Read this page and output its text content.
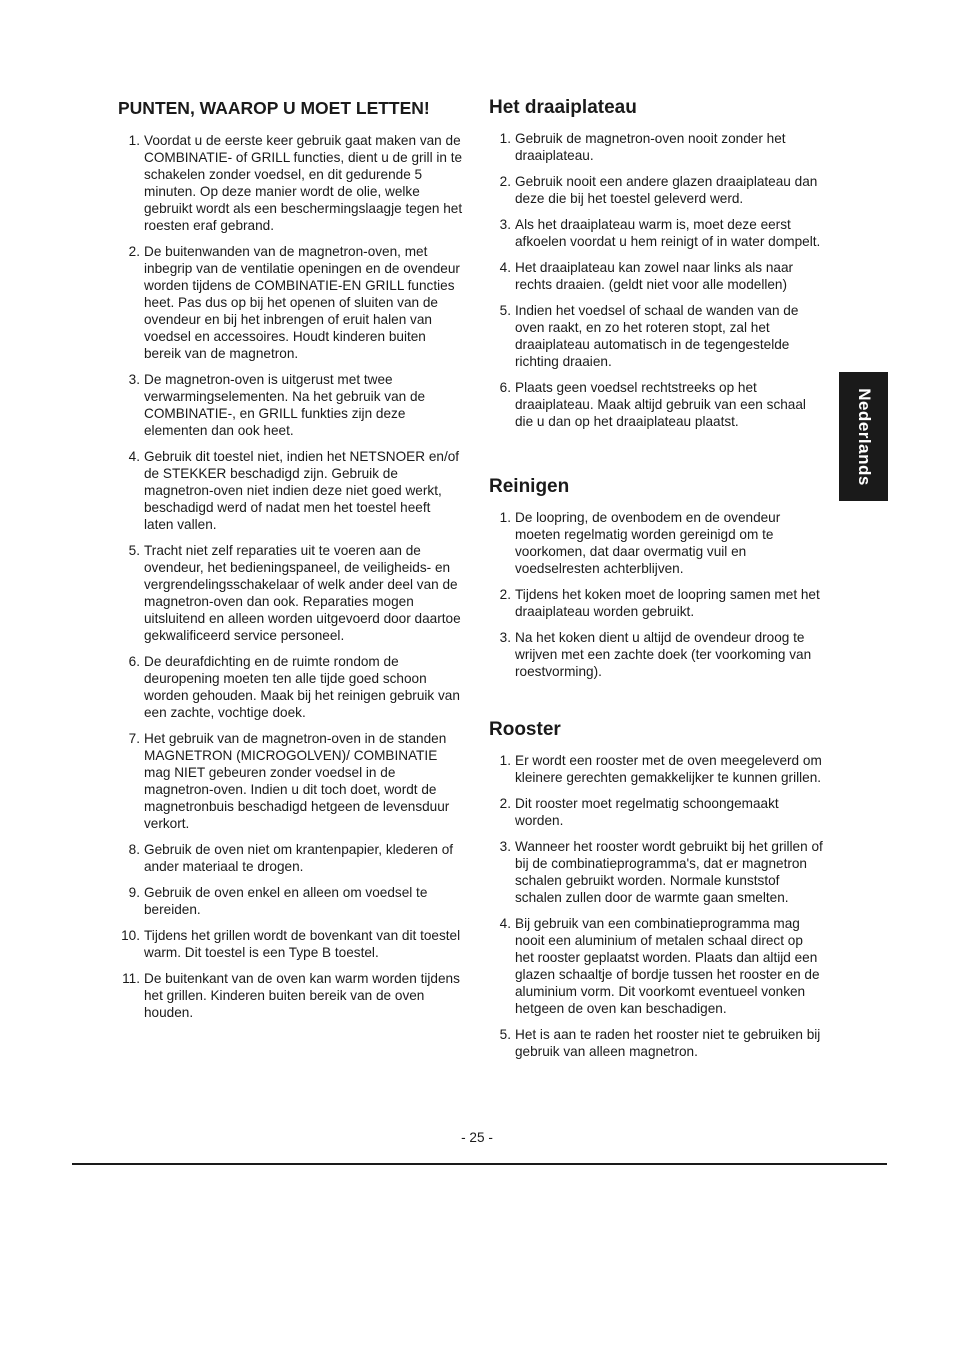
PUNTEN, WAAROP U MOET LETTEN!
1. Voordat u de eerste keer gebruik gaat maken van de COMBINATIE- of GRILL functies, dient u de grill in te schakelen zonder voedsel, en dit gedurende 5 minuten. Op deze manier wordt de olie, welke gebruikt wordt als een beschermingslaagje tegen het roesten eraf gebrand.
2. De buitenwanden van de magnetron-oven, met inbegrip van de ventilatie openingen en de ovendeur worden tijdens de COMBINATIE-EN GRILL functies heet. Pas dus op bij het openen of sluiten van de ovendeur en bij het inbrengen of eruit halen van voedsel en accessoires. Houdt kinderen buiten bereik van de magnetron.
3. De magnetron-oven is uitgerust met twee verwarmingselementen. Na het gebruik van de COMBINATIE-, en GRILL funkties zijn deze elementen dan ook heet.
4. Gebruik dit toestel niet, indien het NETSNOER en/of de STEKKER beschadigd zijn. Gebruik de magnetron-oven niet indien deze niet goed werkt, beschadigd werd of nadat men het toestel heeft laten vallen.
5. Tracht niet zelf reparaties uit te voeren aan de ovendeur, het bedieningspaneel, de veiligheids- en vergrendelingsschakelaar of welk ander deel van de magnetron-oven dan ook. Reparaties mogen uitsluitend en alleen worden uitgevoerd door daartoe gekwalificeerd service personeel.
6. De deurafdichting en de ruimte rondom de deuropening moeten ten alle tijde goed schoon worden gehouden. Maak bij het reinigen gebruik van een zachte, vochtige doek.
7. Het gebruik van de magnetron-oven in de standen MAGNETRON (MICROGOLVEN)/ COMBINATIE mag NIET gebeuren zonder voedsel in de magnetron-oven. Indien u dit toch doet, wordt de magnetronbuis beschadigd hetgeen de levensduur verkort.
8. Gebruik de oven niet om krantenpapier, klederen of ander materiaal te drogen.
9. Gebruik de oven enkel en alleen om voedsel te bereiden.
10. Tijdens het grillen wordt de bovenkant van dit toestel warm. Dit toestel is een Type B toestel.
11. De buitenkant van de oven kan warm worden tijdens het grillen. Kinderen buiten bereik van de oven houden.
Het draaiplateau
1. Gebruik de magnetron-oven nooit zonder het draaiplateau.
2. Gebruik nooit een andere glazen draaiplateau dan deze die bij het toestel geleverd werd.
3. Als het draaiplateau warm is, moet deze eerst afkoelen voordat u hem reinigt of in water dompelt.
4. Het draaiplateau kan zowel naar links als naar rechts draaien. (geldt niet voor alle modellen)
5. Indien het voedsel of schaal de wanden van de oven raakt, en zo het roteren stopt, zal het draaiplateau automatisch in de tegengestelde richting draaien.
6. Plaats geen voedsel rechtstreeks op het draaiplateau. Maak altijd gebruik van een schaal die u dan op het draaiplateau plaatst.
Reinigen
1. De loopring, de ovenbodem en de ovendeur moeten regelmatig worden gereinigd om te voorkomen, dat daar overmatig vuil en voedselresten achterblijven.
2. Tijdens het koken moet de loopring samen met het draaiplateau worden gebruikt.
3. Na het koken dient u altijd de ovendeur droog te wrijven met een zachte doek (ter voorkoming van roestvorming).
Rooster
1. Er wordt een rooster met de oven meegeleverd om kleinere gerechten gemakkelijker te kunnen grillen.
2. Dit rooster moet regelmatig schoongemaakt worden.
3. Wanneer het rooster wordt gebruikt bij het grillen of bij de combinatieprogramma's, dat er magnetron schalen gebruikt worden. Normale kunststof schalen zullen door de warmte gaan smelten.
4. Bij gebruik van een combinatieprogramma mag nooit een aluminium of metalen schaal direct op het rooster geplaatst worden. Plaats dan altijd een glazen schaaltje of bordje tussen het rooster en de aluminium vorm. Dit voorkomt eventueel vonken hetgeen de oven kan beschadigen.
5. Het is aan te raden het rooster niet te gebruiken bij gebruik van alleen magnetron.
Nederlands
- 25 -
